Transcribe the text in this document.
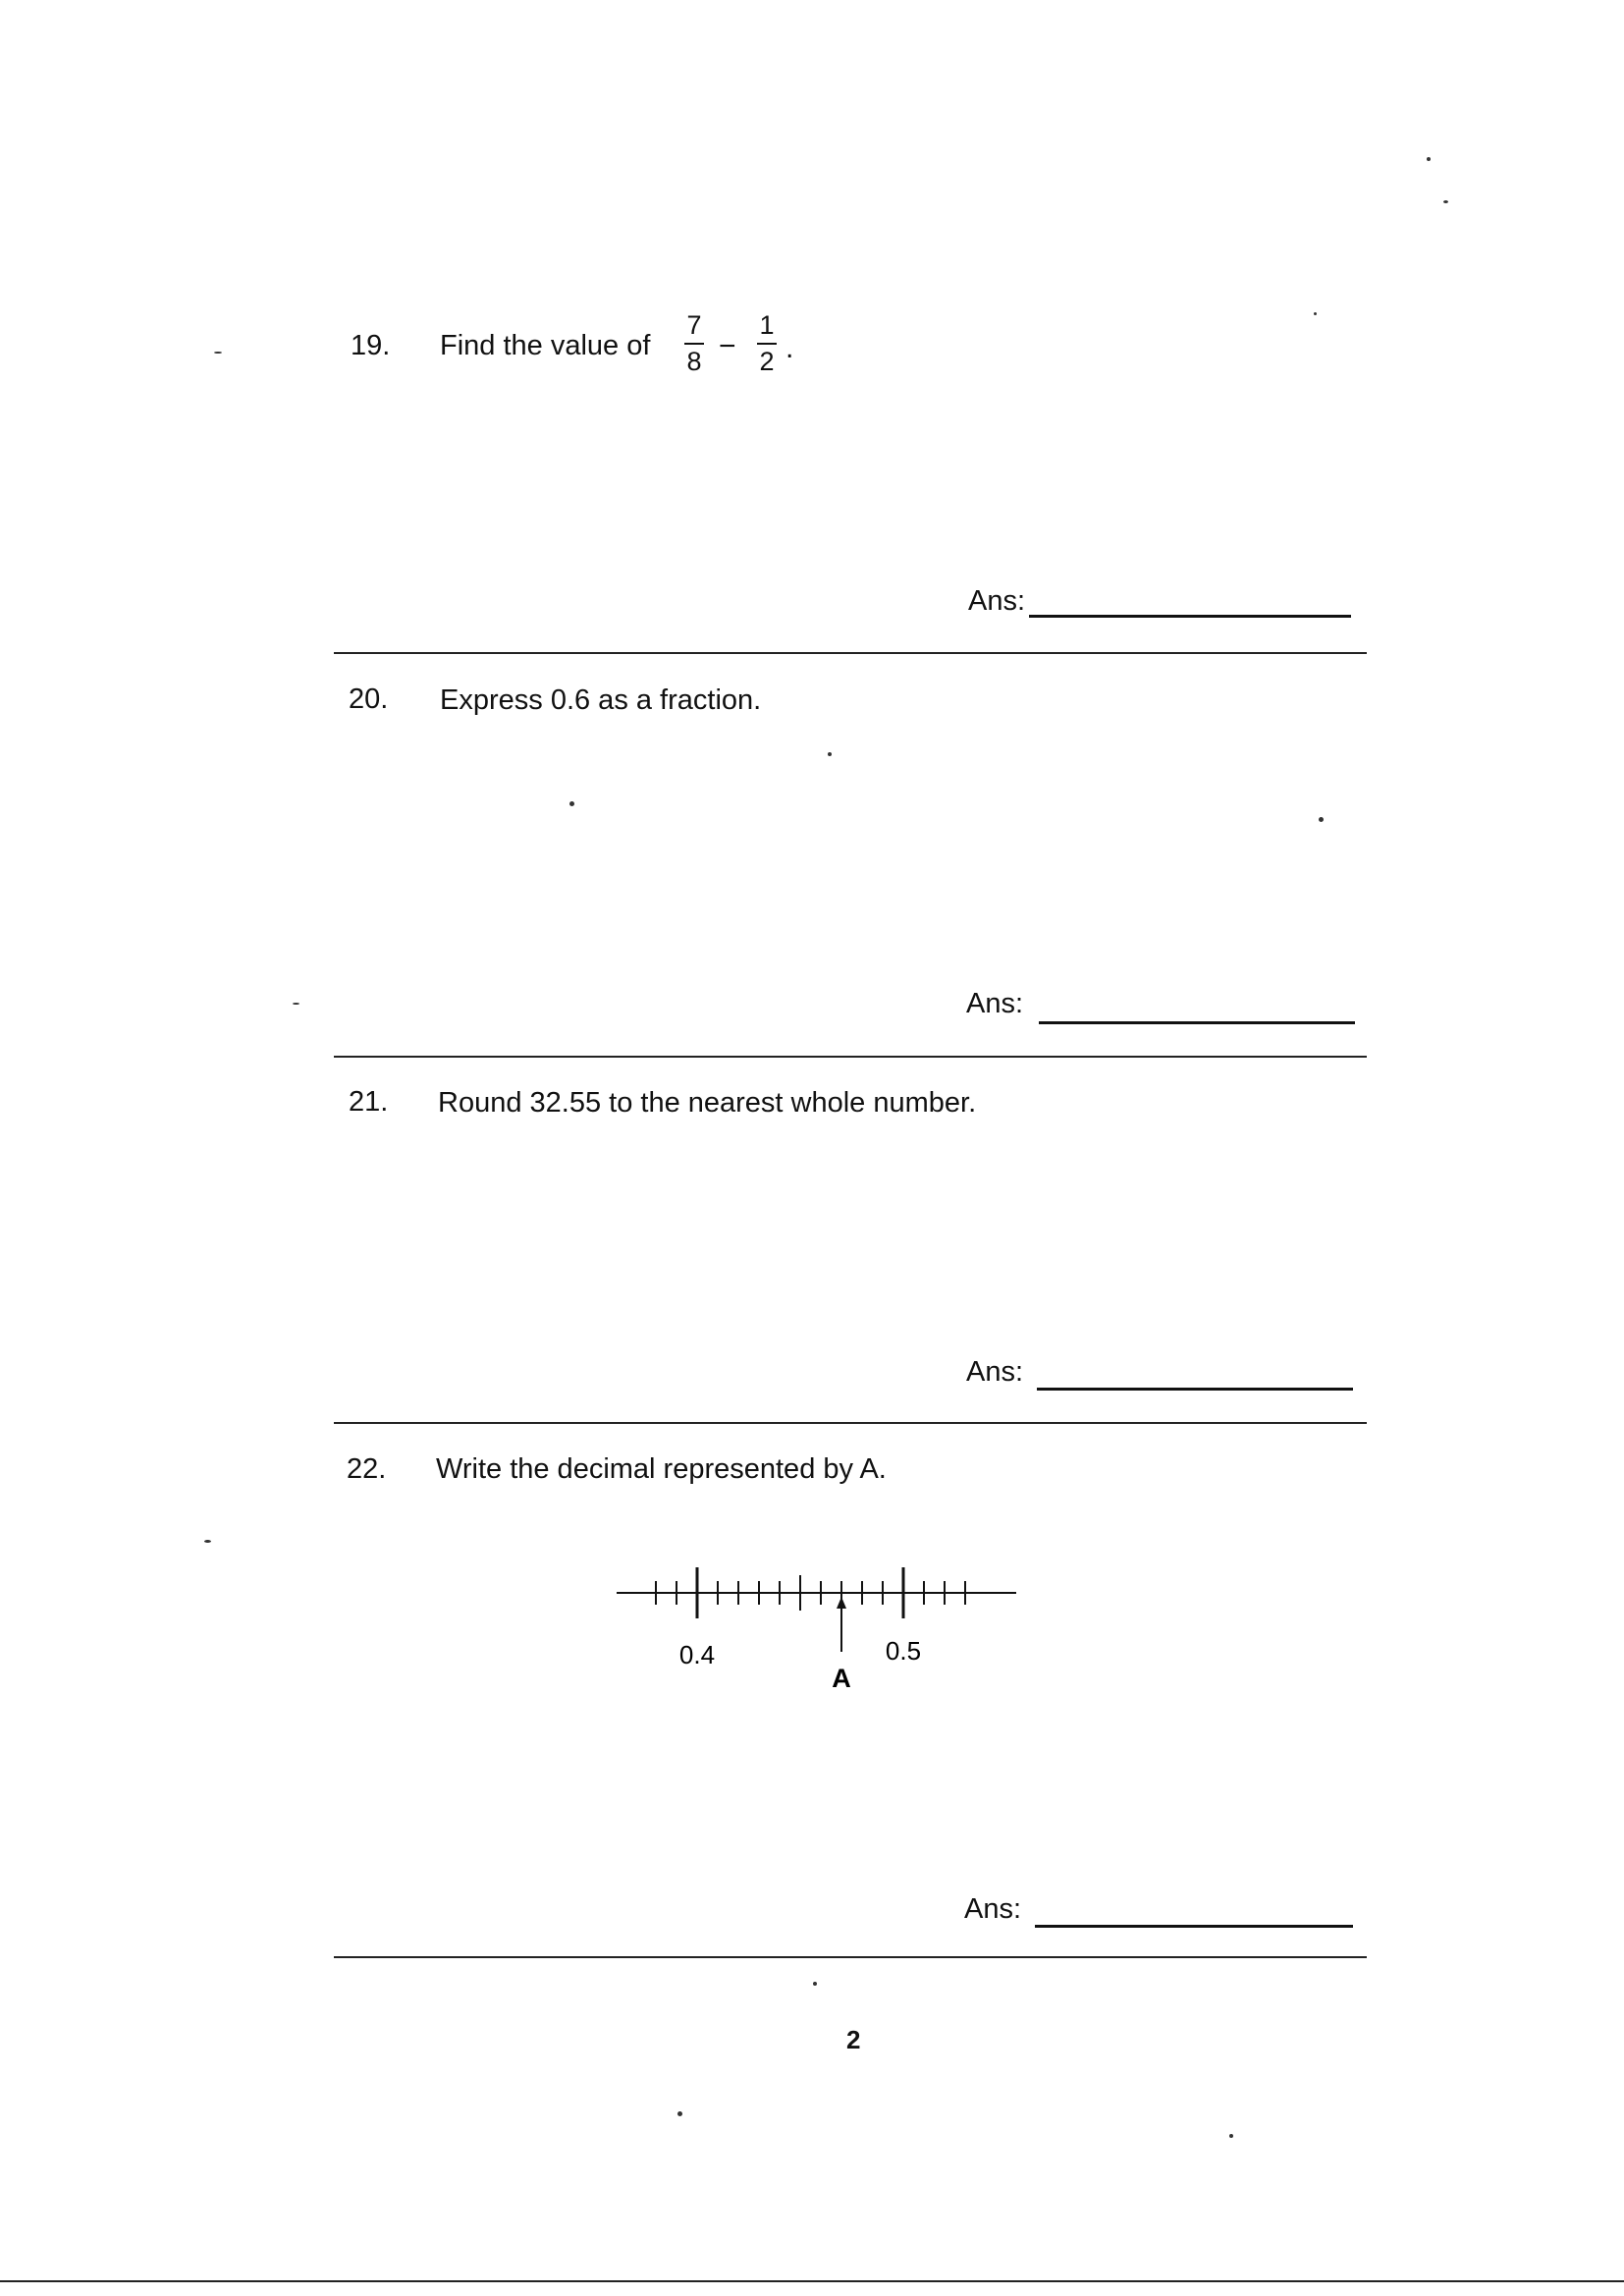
19. Find the value of
7
8 −
1
2 .
Ans:
20. Express 0.6 as a fraction.
Ans:
21. Round 32.55 to the nearest whole number.
Ans:
22. Write the decimal represented by A.
0.4	0.5
A
Ans:
2
